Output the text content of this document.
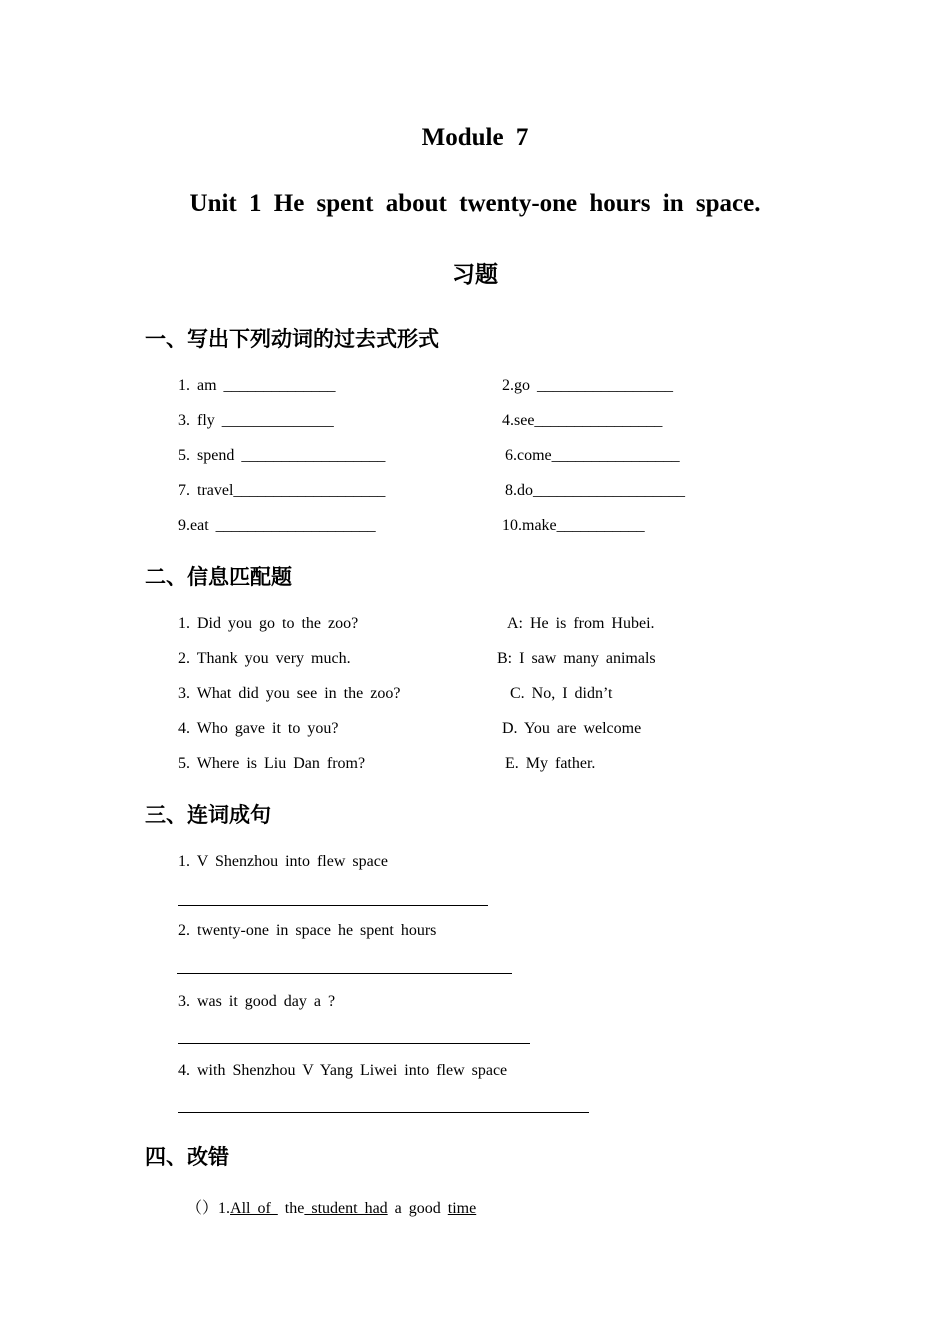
Module 7
Unit 1 He spent about twenty-one hours in space.
习题
一、写出下列动词的过去式形式
1. am ______________	2.go _________________
3. fly ______________	4.see________________
5. spend __________________	6.come________________
7. travel___________________	8.do___________________
9.eat ____________________	10.make___________
二、信息匹配题
1. Did you go to the zoo?	A: He is from Hubei.
2. Thank you very much.	B: I saw many animals
3. What did you see in the zoo?	C. No, I didn’t
4. Who gave it to you?	D. You are welcome
5. Where is Liu Dan from?	E. My father.
三、连词成句
1. V Shenzhou into flew space
2. twenty-one in space he spent hours
3. was it good day a ?
4. with Shenzhou V Yang Liwei into flew space
四、改错
（）1.All of  the student had a good time
